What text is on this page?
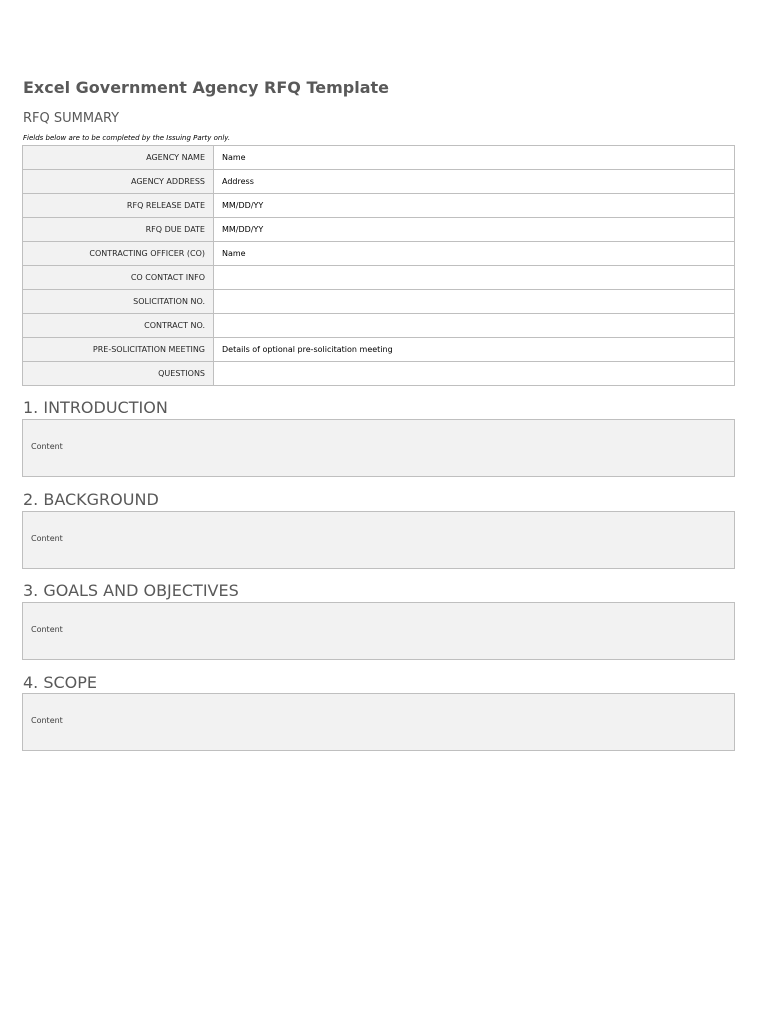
Excel Government Agency RFQ Template
RFQ SUMMARY
Fields below are to be completed by the Issuing Party only.
AGENCY NAME	Name
AGENCY ADDRESS	Address
RFQ RELEASE DATE	MM/DD/YY
RFQ DUE DATE	MM/DD/YY
CONTRACTING OFFICER (CO)	Name
CO CONTACT INFO	
SOLICITATION NO.	
CONTRACT NO.	
PRE-SOLICITATION MEETING	Details of optional pre-solicitation meeting
QUESTIONS	
1. INTRODUCTION
Content
2. BACKGROUND
Content
3. GOALS AND OBJECTIVES
Content
4. SCOPE
Content
